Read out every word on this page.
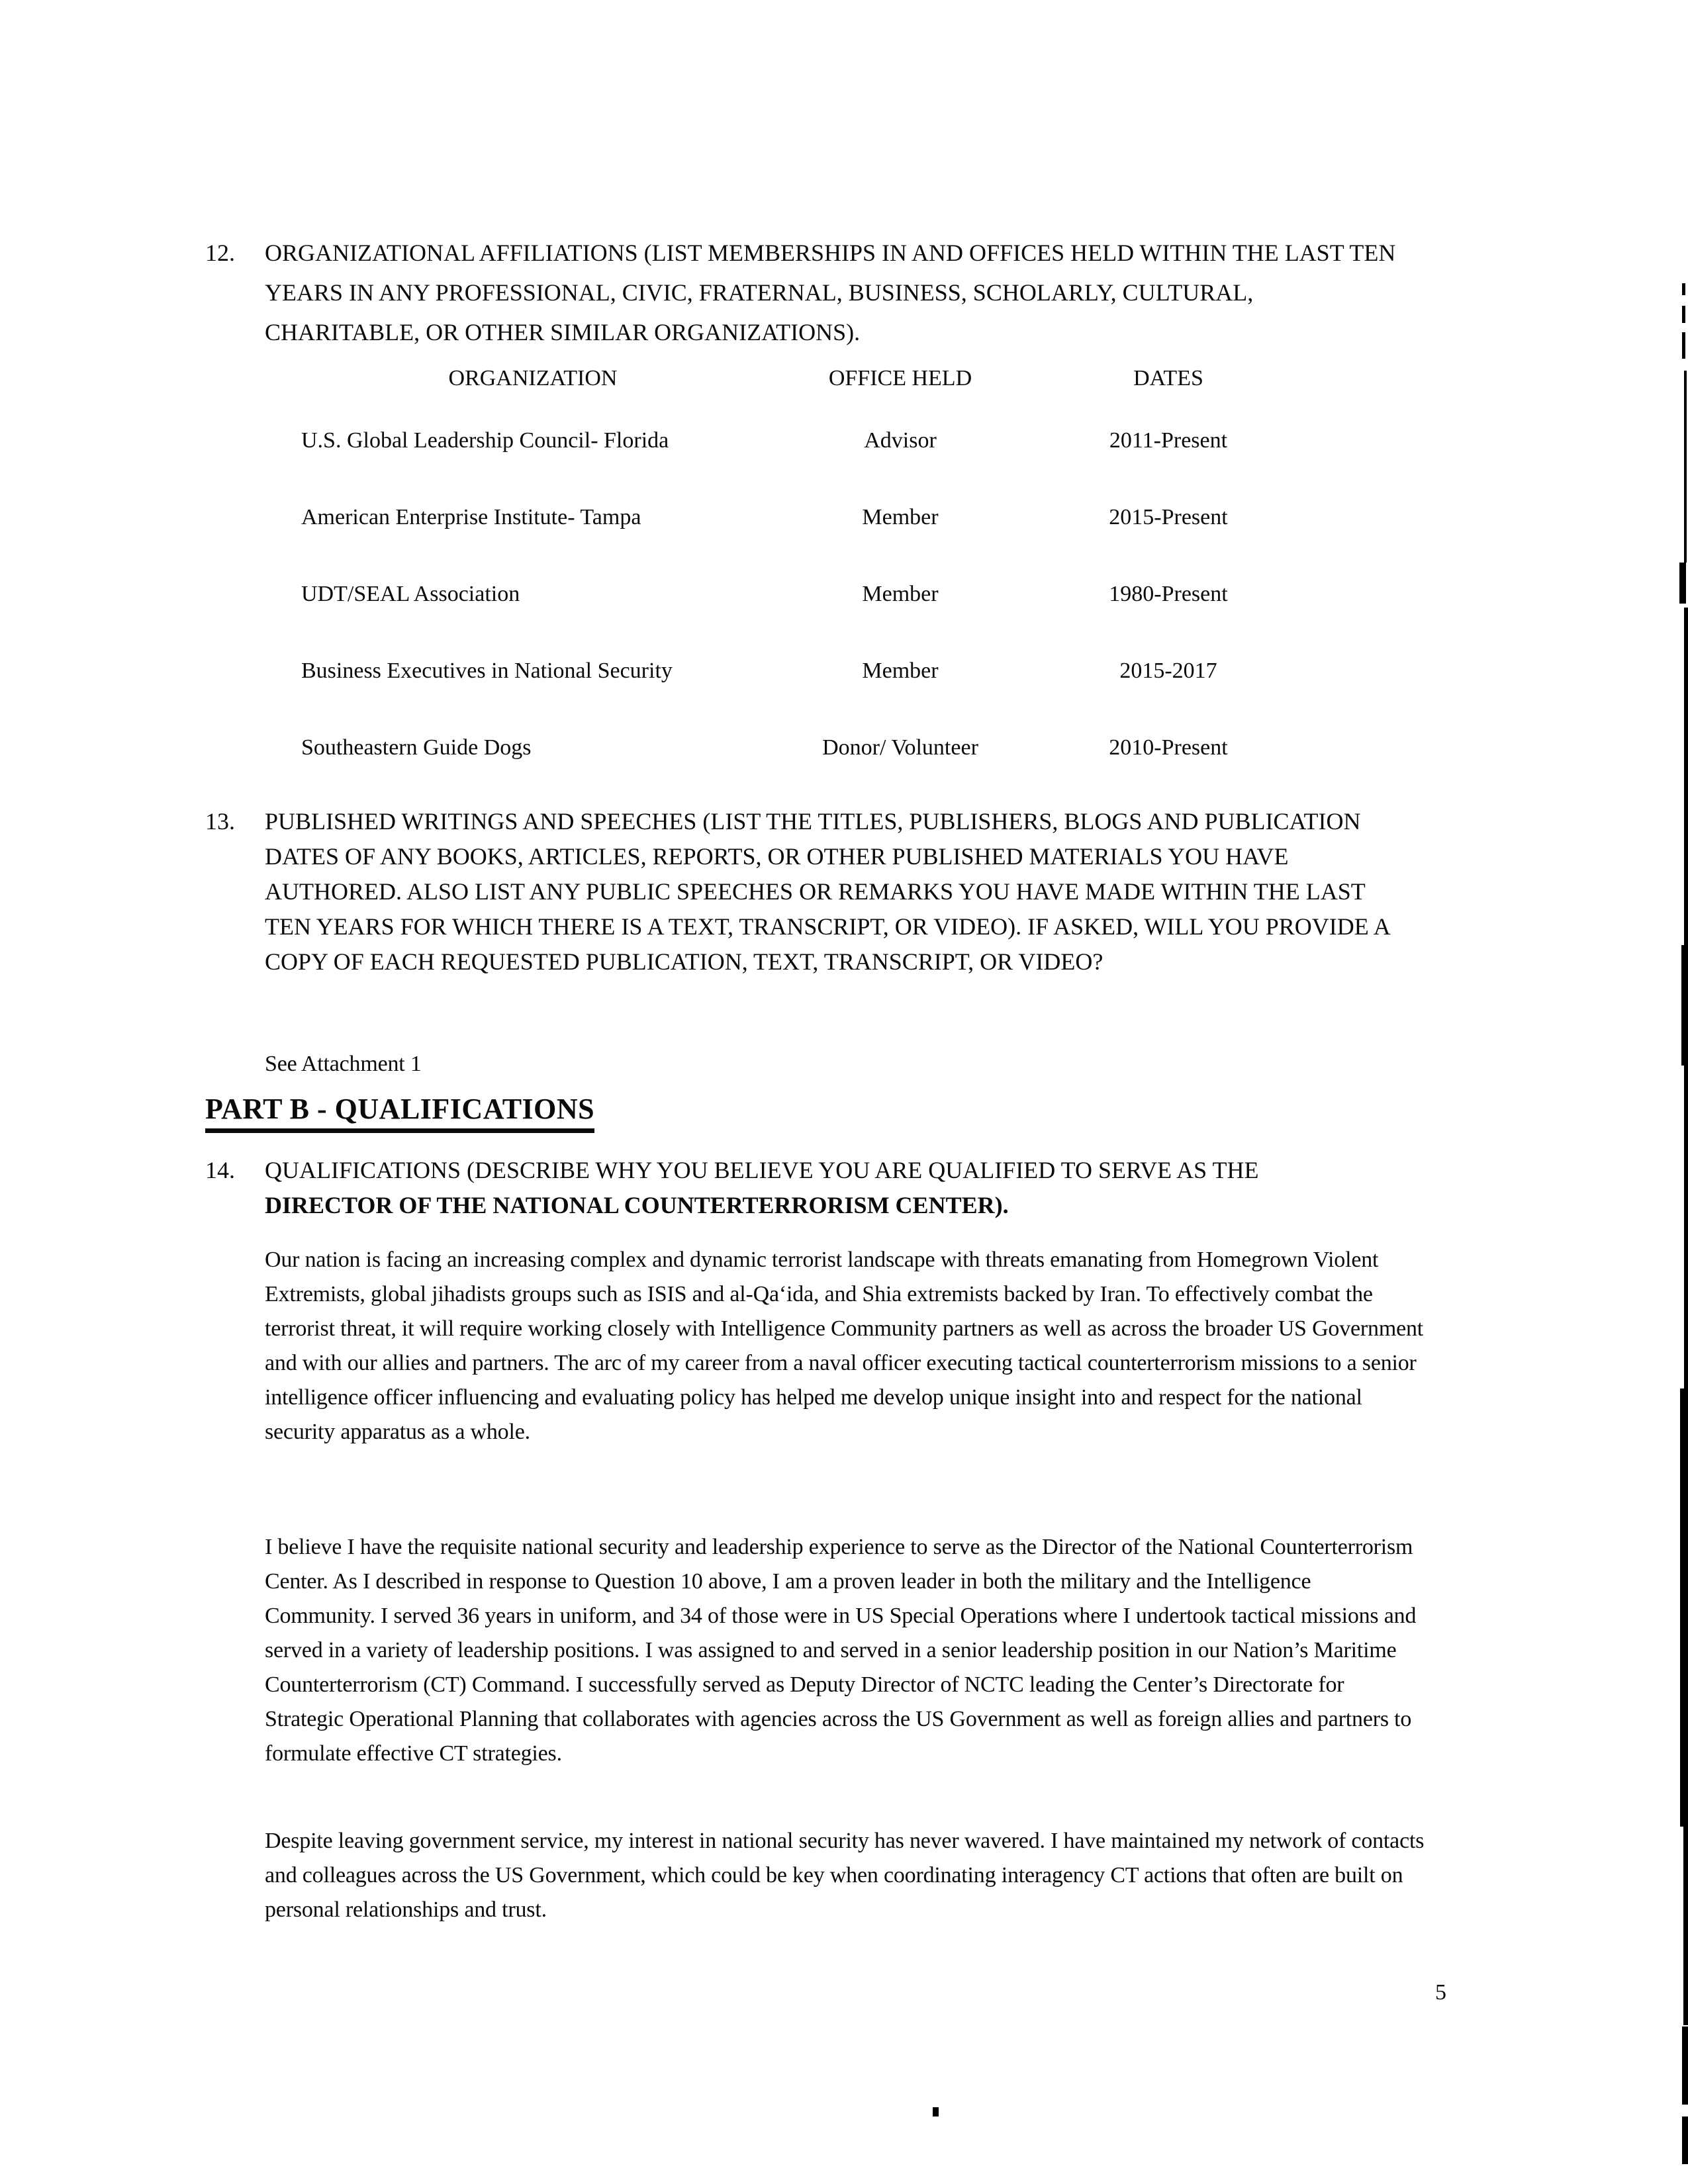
12.	ORGANIZATIONAL AFFILIATIONS (LIST MEMBERSHIPS IN AND OFFICES HELD WITHIN THE LAST TEN YEARS IN ANY PROFESSIONAL, CIVIC, FRATERNAL, BUSINESS, SCHOLARLY, CULTURAL, CHARITABLE, OR OTHER SIMILAR ORGANIZATIONS).
ORGANIZATION	OFFICE HELD	DATES
U.S. Global Leadership Council- Florida	Advisor	2011-Present
American Enterprise Institute- Tampa	Member	2015-Present
UDT/SEAL Association	Member	1980-Present
Business Executives in National Security	Member	2015-2017
Southeastern Guide Dogs	Donor/ Volunteer	2010-Present
13.	PUBLISHED WRITINGS AND SPEECHES (LIST THE TITLES, PUBLISHERS, BLOGS AND PUBLICATION DATES OF ANY BOOKS, ARTICLES, REPORTS, OR OTHER PUBLISHED MATERIALS YOU HAVE AUTHORED. ALSO LIST ANY PUBLIC SPEECHES OR REMARKS YOU HAVE MADE WITHIN THE LAST TEN YEARS FOR WHICH THERE IS A TEXT, TRANSCRIPT, OR VIDEO). IF ASKED, WILL YOU PROVIDE A COPY OF EACH REQUESTED PUBLICATION, TEXT, TRANSCRIPT, OR VIDEO?
See Attachment 1
PART B - QUALIFICATIONS
14.	QUALIFICATIONS (DESCRIBE WHY YOU BELIEVE YOU ARE QUALIFIED TO SERVE AS THE DIRECTOR OF THE NATIONAL COUNTERTERRORISM CENTER).
Our nation is facing an increasing complex and dynamic terrorist landscape with threats emanating from Homegrown Violent Extremists, global jihadists groups such as ISIS and al-Qa‘ida, and Shia extremists backed by Iran. To effectively combat the terrorist threat, it will require working closely with Intelligence Community partners as well as across the broader US Government and with our allies and partners. The arc of my career from a naval officer executing tactical counterterrorism missions to a senior intelligence officer influencing and evaluating policy has helped me develop unique insight into and respect for the national security apparatus as a whole.
I believe I have the requisite national security and leadership experience to serve as the Director of the National Counterterrorism Center. As I described in response to Question 10 above, I am a proven leader in both the military and the Intelligence Community. I served 36 years in uniform, and 34 of those were in US Special Operations where I undertook tactical missions and served in a variety of leadership positions. I was assigned to and served in a senior leadership position in our Nation’s Maritime Counterterrorism (CT) Command. I successfully served as Deputy Director of NCTC leading the Center’s Directorate for Strategic Operational Planning that collaborates with agencies across the US Government as well as foreign allies and partners to formulate effective CT strategies.
Despite leaving government service, my interest in national security has never wavered. I have maintained my network of contacts and colleagues across the US Government, which could be key when coordinating interagency CT actions that often are built on personal relationships and trust.
5
